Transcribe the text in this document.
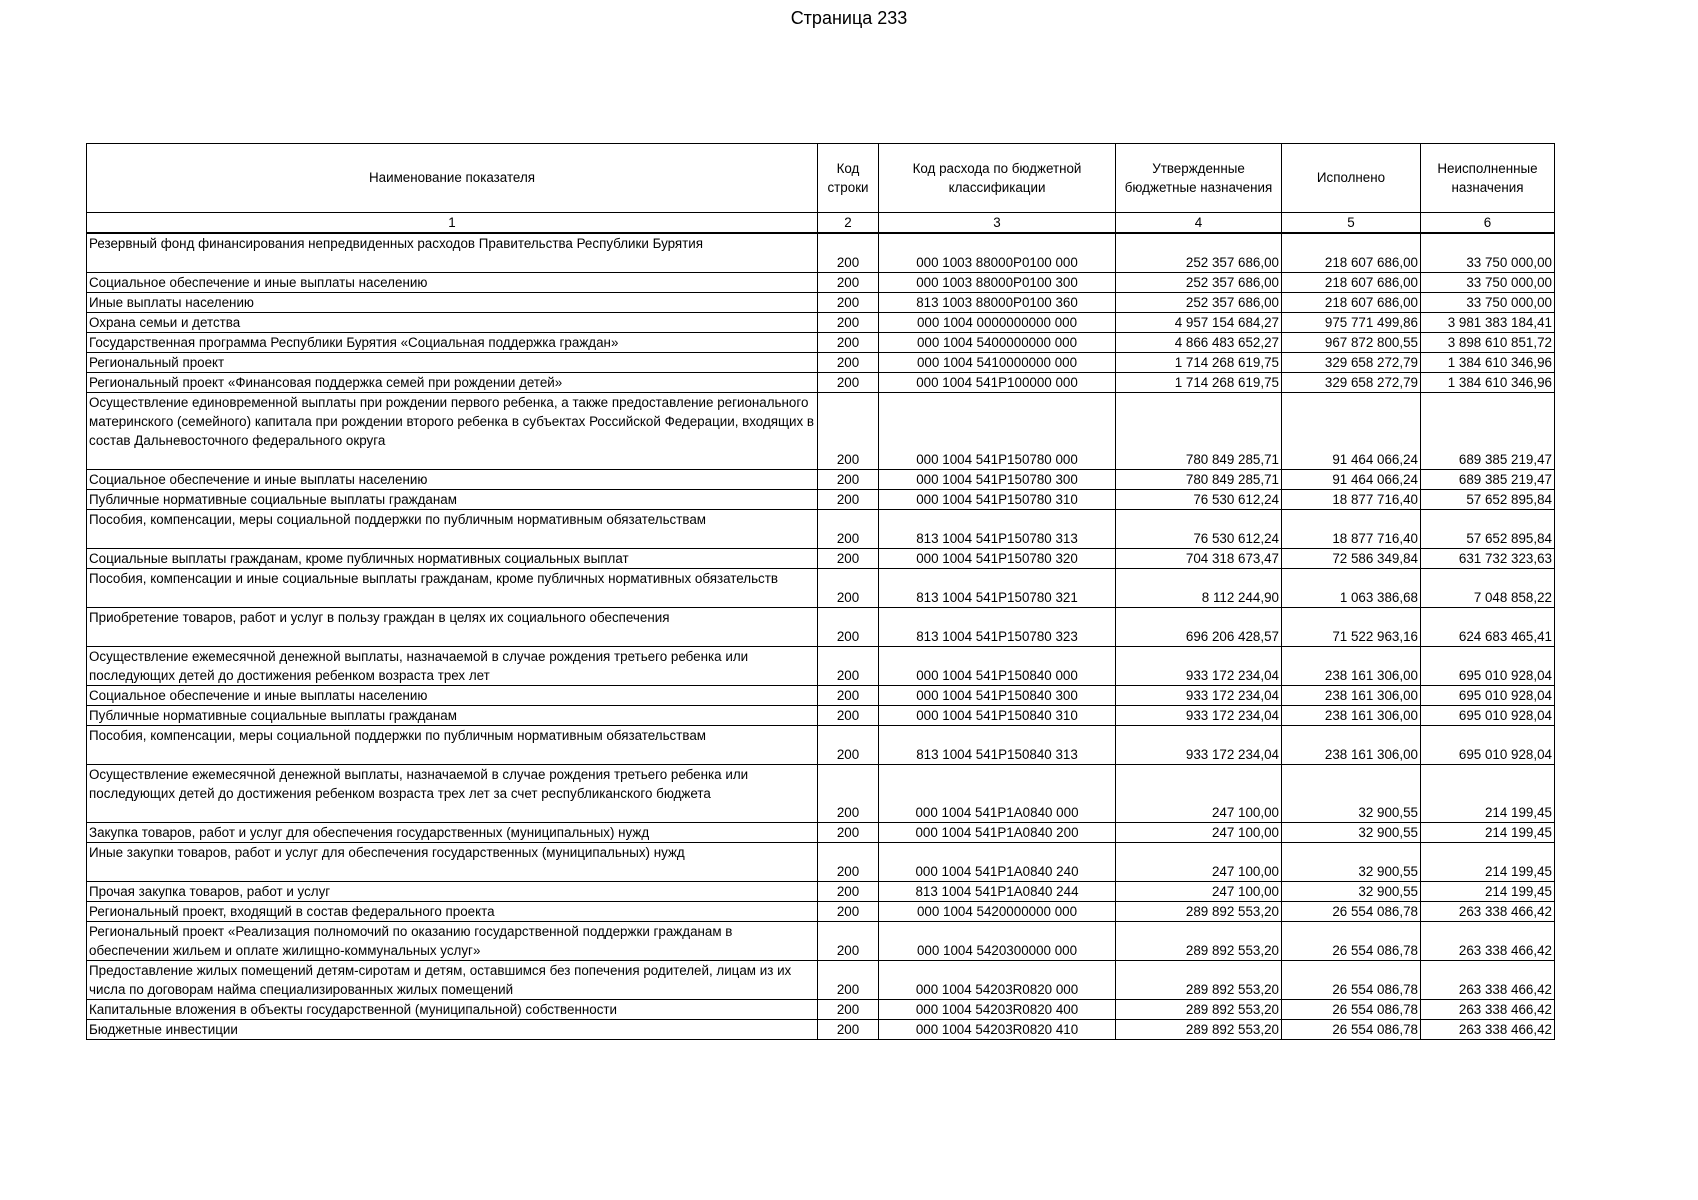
Страница 233
Наименование показателя	Код строки	Код расхода по бюджетной классификации	Утвержденные бюджетные назначения	Исполнено	Неисполненные назначения
1	2	3	4	5	6
Резервный фонд финансирования непредвиденных расходов Правительства Республики Бурятия	200	000 1003 88000P0100 000	252 357 686,00	218 607 686,00	33 750 000,00
Социальное обеспечение и иные выплаты населению	200	000 1003 88000P0100 300	252 357 686,00	218 607 686,00	33 750 000,00
Иные выплаты населению	200	813 1003 88000P0100 360	252 357 686,00	218 607 686,00	33 750 000,00
Охрана семьи и детства	200	000 1004 0000000000 000	4 957 154 684,27	975 771 499,86	3 981 383 184,41
Государственная программа Республики Бурятия «Социальная поддержка граждан»	200	000 1004 5400000000 000	4 866 483 652,27	967 872 800,55	3 898 610 851,72
Региональный проект	200	000 1004 5410000000 000	1 714 268 619,75	329 658 272,79	1 384 610 346,96
Региональный проект «Финансовая поддержка семей при рождении детей»	200	000 1004 541P100000 000	1 714 268 619,75	329 658 272,79	1 384 610 346,96
Осуществление единовременной выплаты при рождении первого ребенка, а также предоставление регионального материнского (семейного) капитала при рождении второго ребенка в субъектах Российской Федерации, входящих в состав Дальневосточного федерального округа	200	000 1004 541P150780 000	780 849 285,71	91 464 066,24	689 385 219,47
Социальное обеспечение и иные выплаты населению	200	000 1004 541P150780 300	780 849 285,71	91 464 066,24	689 385 219,47
Публичные нормативные социальные выплаты гражданам	200	000 1004 541P150780 310	76 530 612,24	18 877 716,40	57 652 895,84
Пособия, компенсации, меры социальной поддержки по публичным нормативным обязательствам	200	813 1004 541P150780 313	76 530 612,24	18 877 716,40	57 652 895,84
Социальные выплаты гражданам, кроме публичных нормативных социальных выплат	200	000 1004 541P150780 320	704 318 673,47	72 586 349,84	631 732 323,63
Пособия, компенсации и иные социальные выплаты гражданам, кроме публичных нормативных обязательств	200	813 1004 541P150780 321	8 112 244,90	1 063 386,68	7 048 858,22
Приобретение товаров, работ и услуг в пользу граждан в целях их социального обеспечения	200	813 1004 541P150780 323	696 206 428,57	71 522 963,16	624 683 465,41
Осуществление ежемесячной денежной выплаты, назначаемой в случае рождения третьего ребенка или последующих детей до достижения ребенком возраста трех лет	200	000 1004 541P150840 000	933 172 234,04	238 161 306,00	695 010 928,04
Социальное обеспечение и иные выплаты населению	200	000 1004 541P150840 300	933 172 234,04	238 161 306,00	695 010 928,04
Публичные нормативные социальные выплаты гражданам	200	000 1004 541P150840 310	933 172 234,04	238 161 306,00	695 010 928,04
Пособия, компенсации, меры социальной поддержки по публичным нормативным обязательствам	200	813 1004 541P150840 313	933 172 234,04	238 161 306,00	695 010 928,04
Осуществление ежемесячной денежной выплаты, назначаемой в случае рождения третьего ребенка или последующих детей до достижения ребенком возраста трех лет за счет республиканского бюджета	200	000 1004 541P1A0840 000	247 100,00	32 900,55	214 199,45
Закупка товаров, работ и услуг для обеспечения государственных (муниципальных) нужд	200	000 1004 541P1A0840 200	247 100,00	32 900,55	214 199,45
Иные закупки товаров, работ и услуг для обеспечения государственных (муниципальных) нужд	200	000 1004 541P1A0840 240	247 100,00	32 900,55	214 199,45
Прочая закупка товаров, работ и услуг	200	813 1004 541P1A0840 244	247 100,00	32 900,55	214 199,45
Региональный проект, входящий в состав федерального проекта	200	000 1004 5420000000 000	289 892 553,20	26 554 086,78	263 338 466,42
Региональный проект «Реализация полномочий по оказанию государственной поддержки гражданам в обеспечении жильем и оплате жилищно-коммунальных услуг»	200	000 1004 5420300000 000	289 892 553,20	26 554 086,78	263 338 466,42
Предоставление жилых помещений детям-сиротам и детям, оставшимся без попечения родителей, лицам из их числа по договорам найма специализированных жилых помещений	200	000 1004 54203R0820 000	289 892 553,20	26 554 086,78	263 338 466,42
Капитальные вложения в объекты государственной (муниципальной) собственности	200	000 1004 54203R0820 400	289 892 553,20	26 554 086,78	263 338 466,42
Бюджетные инвестиции	200	000 1004 54203R0820 410	289 892 553,20	26 554 086,78	263 338 466,42
